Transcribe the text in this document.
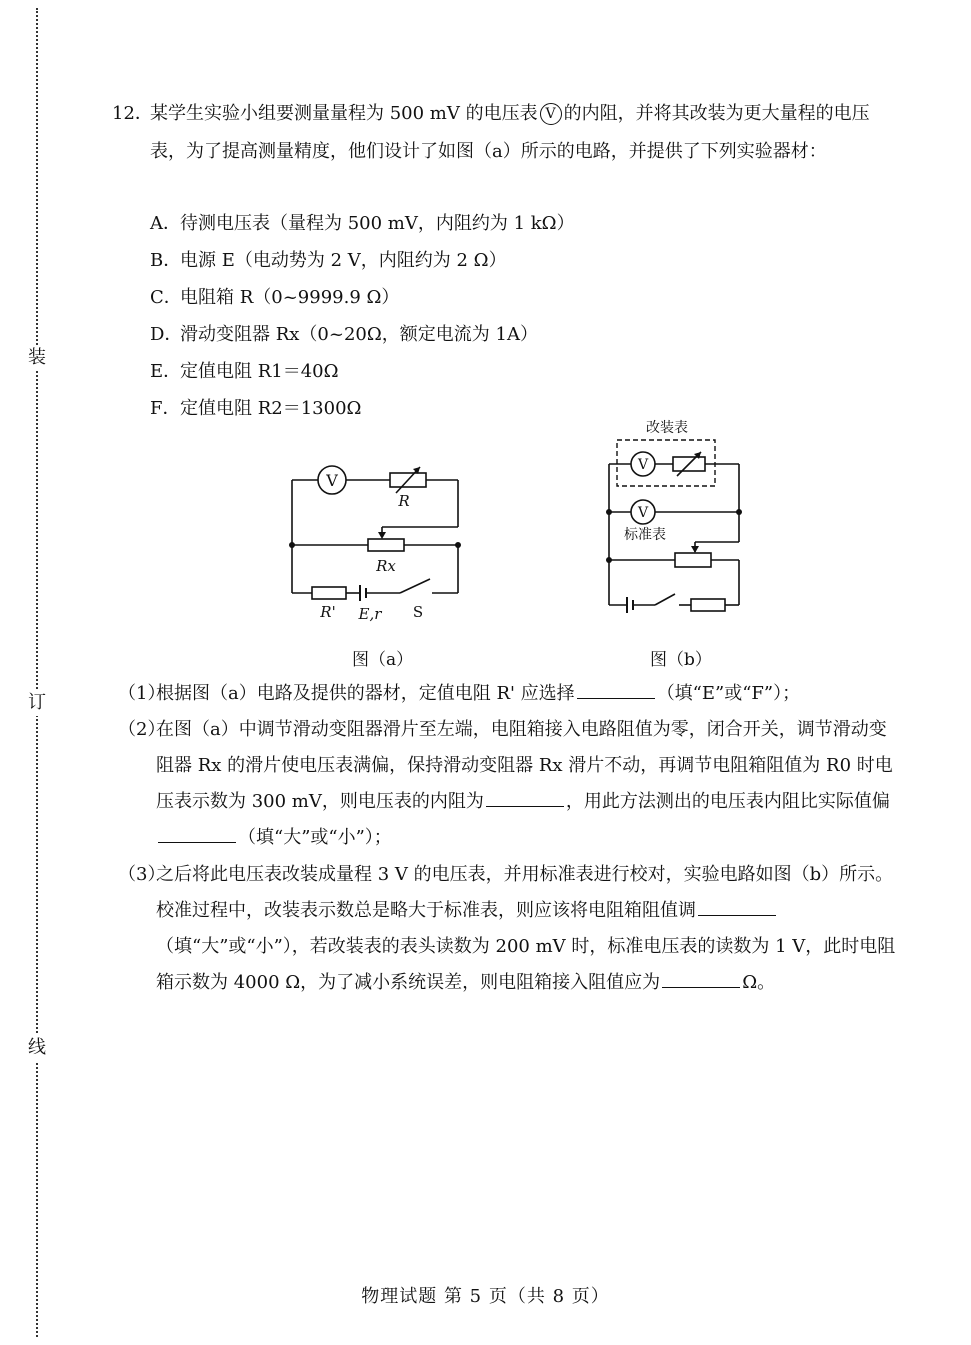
装
订
线
12．
某学生实验小组要测量量程为 500 mV 的电压表 V 的内阻，并将其改装为更大量程的电压表，为了提高测量精度，他们设计了如图（a）所示的电路，并提供了下列实验器材：
A．待测电压表（量程为 500 mV，内阻约为 1 kΩ）
B．电源 E（电动势为 2 V，内阻约为 2 Ω）
C．电阻箱 R（0~9999.9 Ω）
D．滑动变阻器 Rx（0~20Ω，额定电流为 1A）
E．定值电阻 R1＝40Ω
F．定值电阻 R2＝1300Ω
V
R
Rx
R' E,r S
图（a）
改装表
V
V
标准表
图（b）
（1）
根据图（a）电路及提供的器材，定值电阻 R' 应选择	（填“E”或“F”）；
（2）
在图（a）中调节滑动变阻器滑片至左端，电阻箱接入电路阻值为零，闭合开关，调节滑动变阻器 Rx 的滑片使电压表满偏，保持滑动变阻器 Rx 滑片不动，再调节电阻箱阻值为 R0 时电压表示数为 300 mV，则电压表的内阻为	，用此方法测出的电压表内阻比实际值偏（填“大”或“小”）；
（3）
之后将此电压表改装成量程 3 V 的电压表，并用标准表进行校对，实验电路如图（b）所示。校准过程中，改装表示数总是略大于标准表，则应该将电阻箱阻值调（填“大”或“小”），若改装表的表头读数为 200 mV 时，标准电压表的读数为 1 V，此时电阻箱示数为 4000 Ω，为了减小系统误差，则电阻箱接入阻值应为	Ω。
物理试题 第 5 页（共 8 页）
